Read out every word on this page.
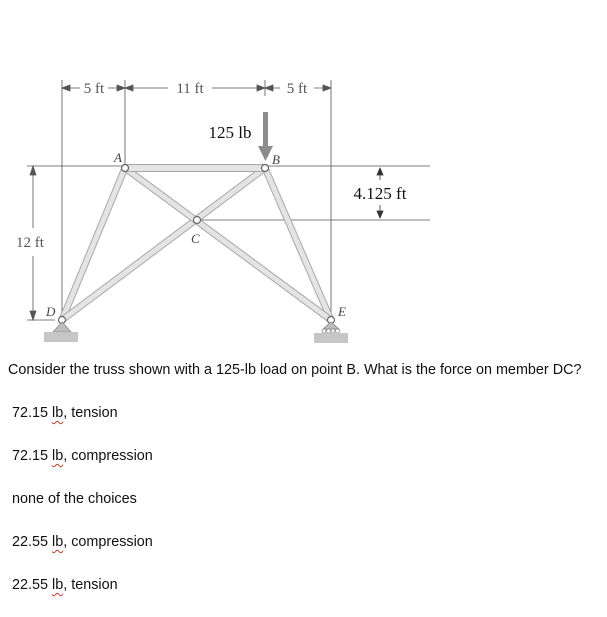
5 ft	11 ft	5 ft
12 ft
4.125 ft
A	B
C
D	E
125 lb
Consider the truss shown with a 125-lb load on point B. What is the force on member DC?
72.15 lb, tension
72.15 lb, compression
none of the choices
22.55 lb, compression
22.55 lb, tension
